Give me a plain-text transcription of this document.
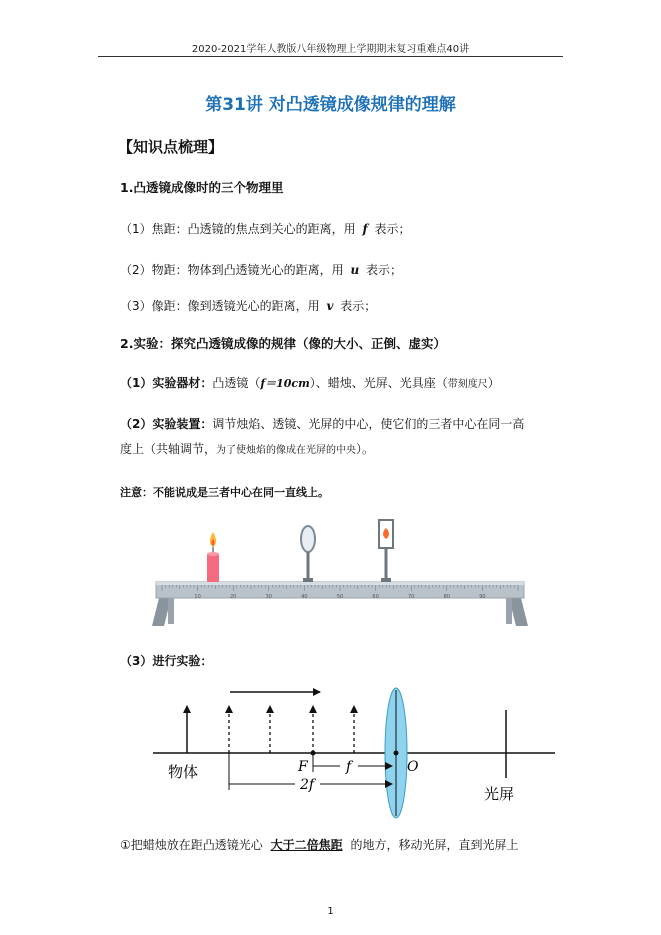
2020-2021学年人教版八年级物理上学期期末复习重难点40讲
第31讲 对凸透镜成像规律的理解
【知识点梳理】
1.凸透镜成像时的三个物理里
（1）焦距：凸透镜的焦点到关心的距离，用 f 表示；
（2）物距：物体到凸透镜光心的距离，用 u 表示；
（3）像距：像到透镜光心的距离，用 v 表示；
2.实验：探究凸透镜成像的规律（像的大小、正倒、虚实）
（1）实验器材：凸透镜（f＝10cm）、蜡烛、光屏、光具座（带刻度尺）
（2）实验装置：调节烛焰、透镜、光屏的中心，使它们的三者中心在同一高
度上（共轴调节，为了使烛焰的像成在光屏的中央）。
注意：不能说成是三者中心在同一直线上。
10	20	30	40	50	60	70	80	90
（3）进行实验：
物体	F	f
2f
O
光屏
①把蜡烛放在距凸透镜光心 大于二倍焦距 的地方，移动光屏，直到光屏上
1
